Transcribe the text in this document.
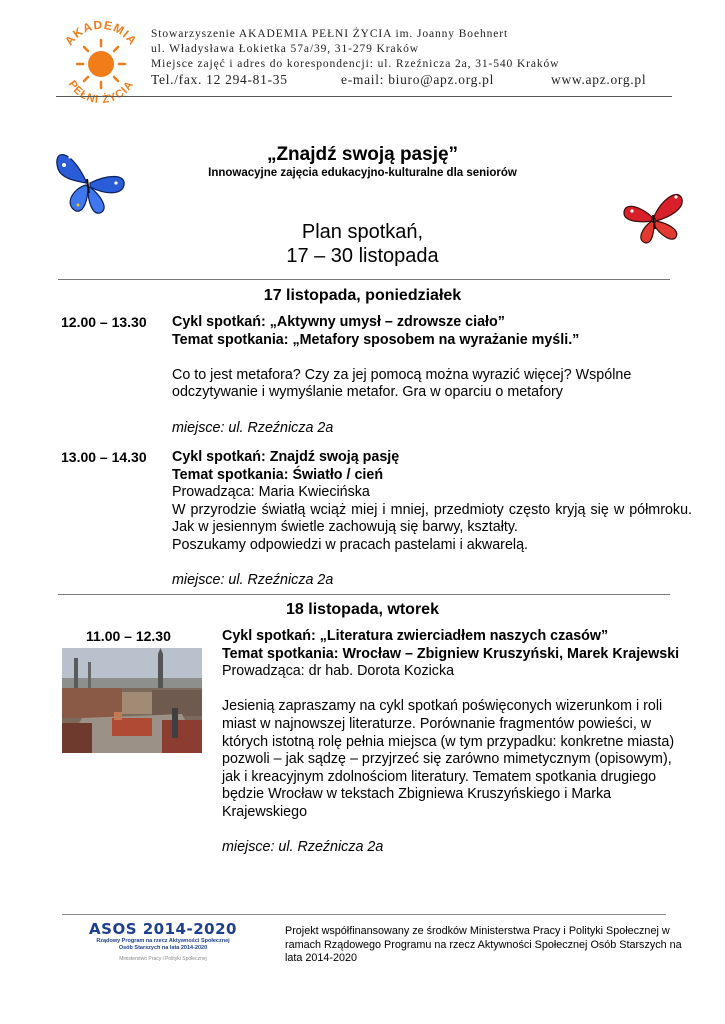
AKADEMIA
PEŁNI ŻYCIA
Stowarzyszenie AKADEMIA PEŁNI ŻYCIA im. Joanny Boehnert
ul. Władysława Łokietka 57a/39, 31-279 Kraków
Miejsce zajęć i adres do korespondencji: ul. Rzeźnicza 2a, 31-540 Kraków
Tel./fax. 12 294-81-35	e-mail: biuro@apz.org.pl	www.apz.org.pl
„Znajdź swoją pasję”
Innowacyjne zajęcia edukacyjno-kulturalne dla seniorów
Plan spotkań,
17 – 30 listopada
17 listopada, poniedziałek
12.00 – 13.30 Cykl spotkań: „Aktywny umysł – zdrowsze ciało”
Temat spotkania: „Metafory sposobem na wyrażanie myśli.”
Co to jest metafora? Czy za jej pomocą można wyrazić więcej? Wspólne odczytywanie i wymyślanie metafor. Gra w oparciu o metafory
miejsce: ul. Rzeźnicza 2a
13.00 – 14.30 Cykl spotkań: Znajdź swoją pasję
Temat spotkania: Światło / cień
Prowadząca: Maria Kwiecińska
W przyrodzie światłą wciąż miej i mniej, przedmioty często kryją się w półmroku. Jak w jesiennym świetle zachowują się barwy, kształty.
Poszukamy odpowiedzi w pracach pastelami i akwarelą.
miejsce: ul. Rzeźnicza 2a
18 listopada, wtorek
11.00 – 12.30	Cykl spotkań: „Literatura zwierciadłem naszych czasów”
Temat spotkania: Wrocław – Zbigniew Kruszyński, Marek Krajewski
Prowadząca: dr hab. Dorota Kozicka
Jesienią zapraszamy na cykl spotkań poświęconych wizerunkom i roli miast w najnowszej literaturze. Porównanie fragmentów powieści, w których istotną rolę pełnia miejsca (w tym przypadku: konkretne miasta) pozwoli – jak sądzę – przyjrzeć się zarówno mimetycznym (opisowym), jak i kreacyjnym zdolnościom literatury. Tematem spotkania drugiego będzie Wrocław w tekstach Zbigniewa Kruszyńskiego i Marka Krajewskiego
miejsce: ul. Rzeźnicza 2a
ASOS 2014-2020
Rządowy Program na rzecz Aktywności Społecznej
Osób Starszych na lata 2014-2020
Ministerstwo Pracy i Polityki Społecznej
Projekt współfinansowany ze środków Ministerstwa Pracy i Polityki Społecznej w ramach Rządowego Programu na rzecz Aktywności Społecznej Osób Starszych na lata 2014-2020
